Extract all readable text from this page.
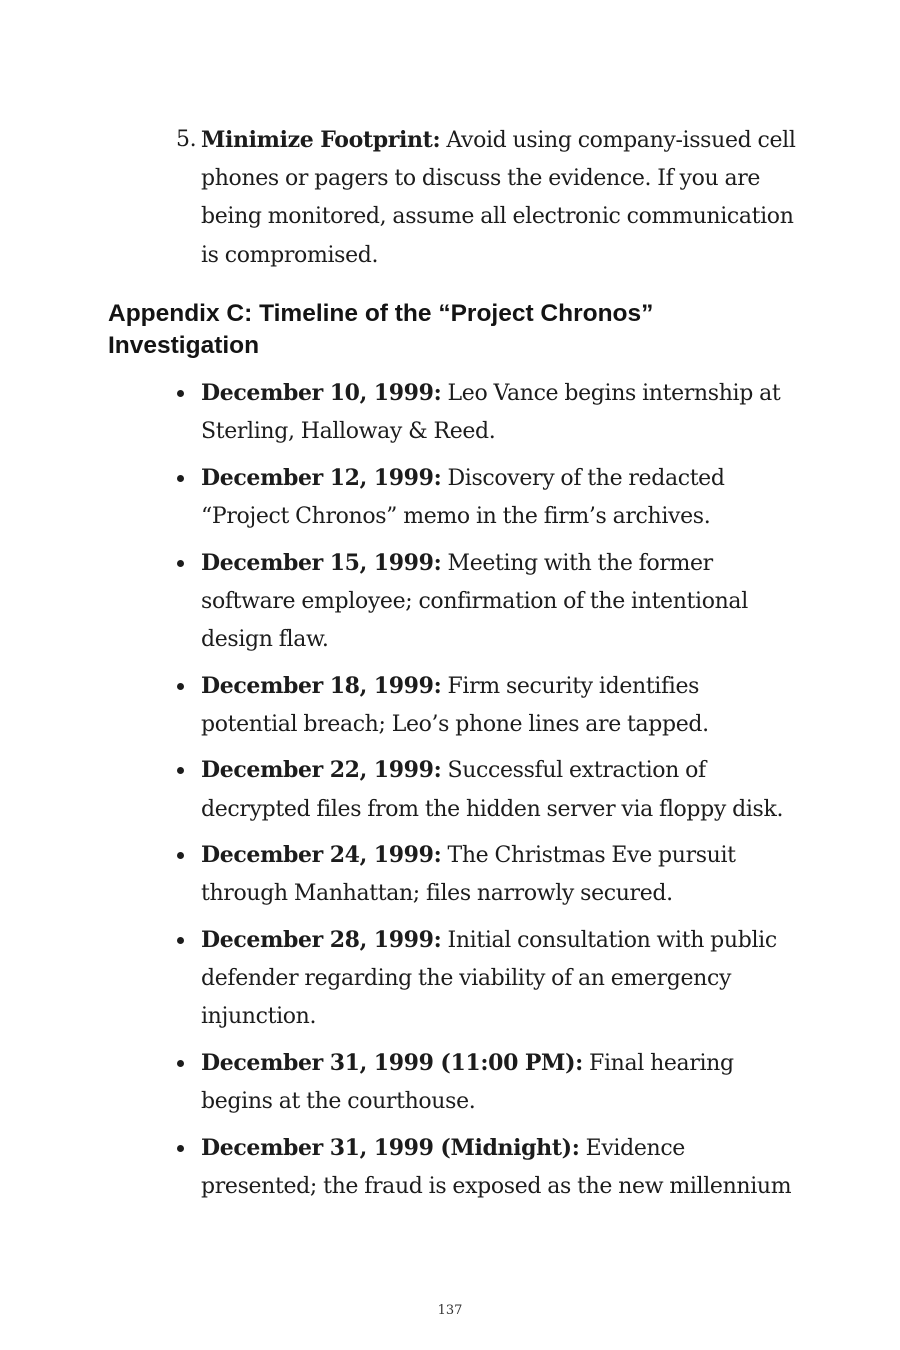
5. Minimize Footprint: Avoid using company-issued cell phones or pagers to discuss the evidence. If you are being monitored, assume all electronic communication is compromised.
Appendix C: Timeline of the “Project Chronos” Investigation
December 10, 1999: Leo Vance begins internship at Sterling, Halloway & Reed.
December 12, 1999: Discovery of the redacted “Project Chronos” memo in the firm’s archives.
December 15, 1999: Meeting with the former software employee; confirmation of the intentional design flaw.
December 18, 1999: Firm security identifies potential breach; Leo’s phone lines are tapped.
December 22, 1999: Successful extraction of decrypted files from the hidden server via floppy disk.
December 24, 1999: The Christmas Eve pursuit through Manhattan; files narrowly secured.
December 28, 1999: Initial consultation with public defender regarding the viability of an emergency injunction.
December 31, 1999 (11:00 PM): Final hearing begins at the courthouse.
December 31, 1999 (Midnight): Evidence presented; the fraud is exposed as the new millennium
137
